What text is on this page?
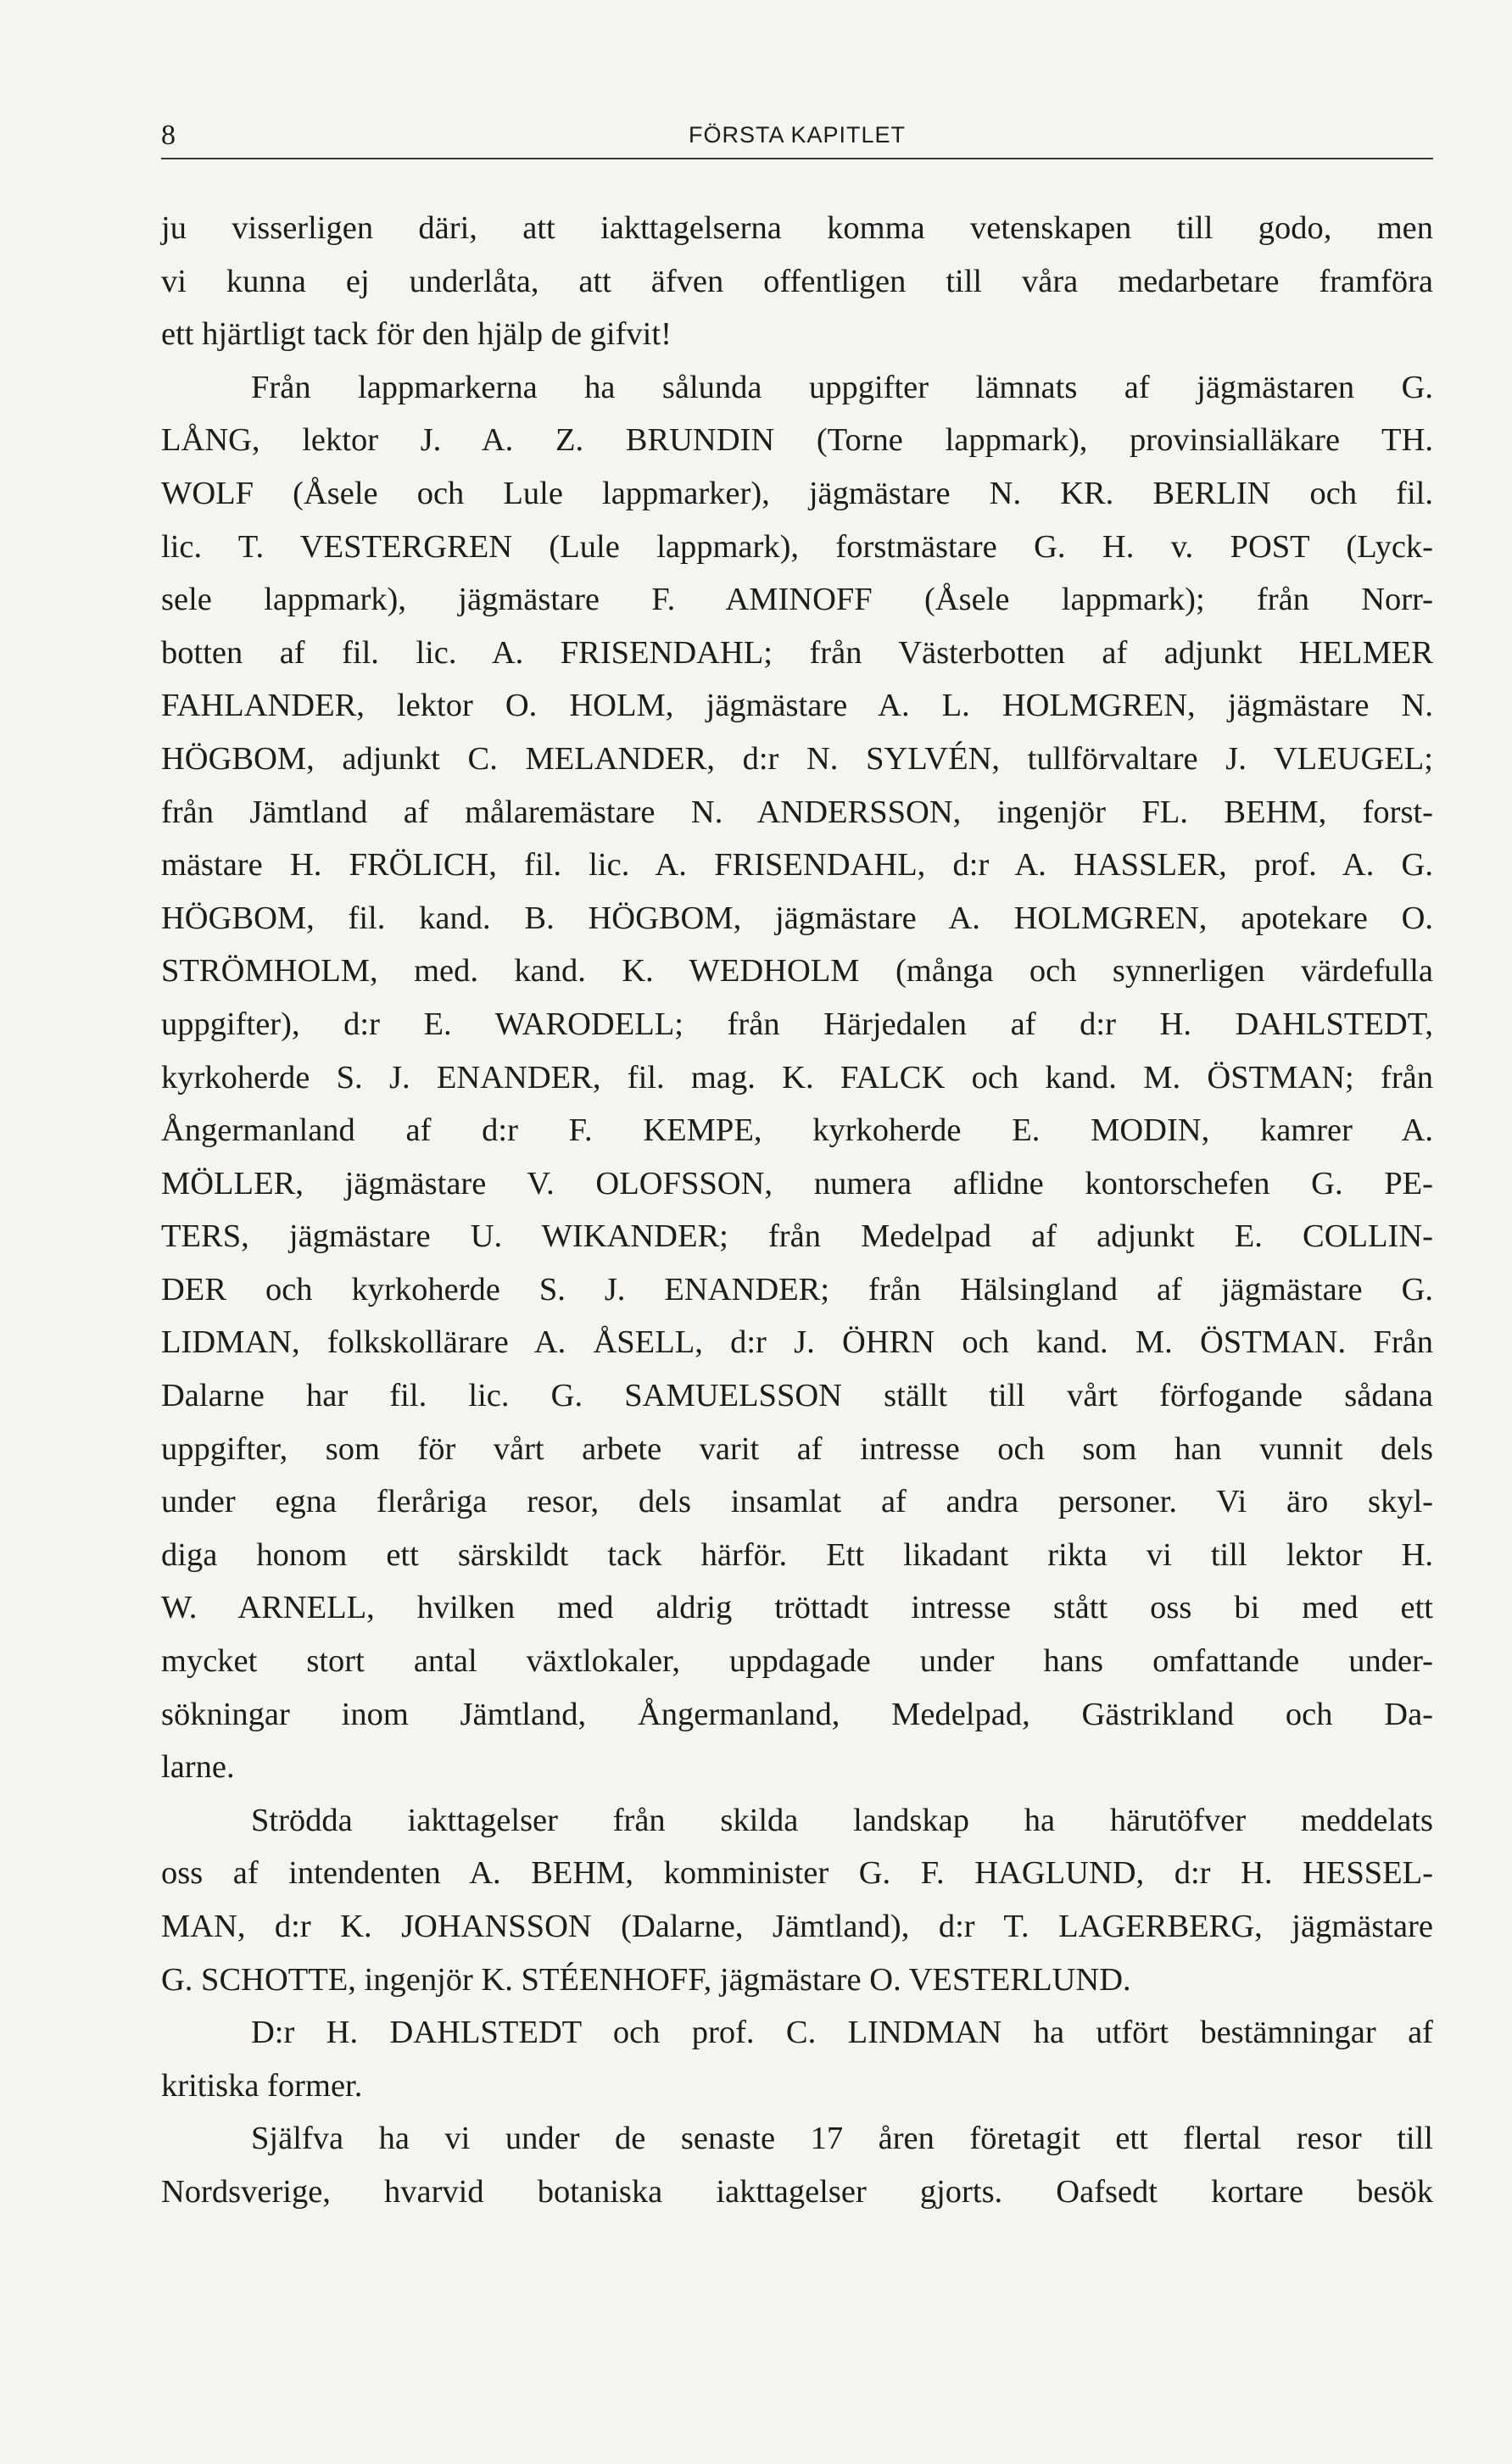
8	FÖRSTA KAPITLET
ju visserligen däri, att iakttagelserna komma vetenskapen till godo, men
vi kunna ej underlåta, att äfven offentligen till våra medarbetare framföra
ett hjärtligt tack för den hjälp de gifvit!
Från lappmarkerna ha sålunda uppgifter lämnats af jägmästaren G.
LÅNG, lektor J. A. Z. BRUNDIN (Torne lappmark), provinsialläkare TH.
WOLF (Åsele och Lule lappmarker), jägmästare N. KR. BERLIN och fil.
lic. T. VESTERGREN (Lule lappmark), forstmästare G. H. v. POST (Lyck-
sele lappmark), jägmästare F. AMINOFF (Åsele lappmark); från Norr-
botten af fil. lic. A. FRISENDAHL; från Västerbotten af adjunkt HELMER
FAHLANDER, lektor O. HOLM, jägmästare A. L. HOLMGREN, jägmästare N.
HÖGBOM, adjunkt C. MELANDER, d:r N. SYLVÉN, tullförvaltare J. VLEUGEL;
från Jämtland af målaremästare N. ANDERSSON, ingenjör FL. BEHM, forst-
mästare H. FRÖLICH, fil. lic. A. FRISENDAHL, d:r A. HASSLER, prof. A. G.
HÖGBOM, fil. kand. B. HÖGBOM, jägmästare A. HOLMGREN, apotekare O.
STRÖMHOLM, med. kand. K. WEDHOLM (många och synnerligen värdefulla
uppgifter), d:r E. WARODELL; från Härjedalen af d:r H. DAHLSTEDT,
kyrkoherde S. J. ENANDER, fil. mag. K. FALCK och kand. M. ÖSTMAN; från
Ångermanland af d:r F. KEMPE, kyrkoherde E. MODIN, kamrer A.
MÖLLER, jägmästare V. OLOFSSON, numera aflidne kontorschefen G. PE-
TERS, jägmästare U. WIKANDER; från Medelpad af adjunkt E. COLLIN-
DER och kyrkoherde S. J. ENANDER; från Hälsingland af jägmästare G.
LIDMAN, folkskollärare A. ÅSELL, d:r J. ÖHRN och kand. M. ÖSTMAN. Från
Dalarne har fil. lic. G. SAMUELSSON ställt till vårt förfogande sådana
uppgifter, som för vårt arbete varit af intresse och som han vunnit dels
under egna fleråriga resor, dels insamlat af andra personer. Vi äro skyl-
diga honom ett särskildt tack härför. Ett likadant rikta vi till lektor H.
W. ARNELL, hvilken med aldrig tröttadt intresse stått oss bi med ett
mycket stort antal växtlokaler, uppdagade under hans omfattande under-
sökningar inom Jämtland, Ångermanland, Medelpad, Gästrikland och Da-
larne.
Strödda iakttagelser från skilda landskap ha härutöfver meddelats
oss af intendenten A. BEHM, komminister G. F. HAGLUND, d:r H. HESSEL-
MAN, d:r K. JOHANSSON (Dalarne, Jämtland), d:r T. LAGERBERG, jägmästare
G. SCHOTTE, ingenjör K. STÉENHOFF, jägmästare O. VESTERLUND.
D:r H. DAHLSTEDT och prof. C. LINDMAN ha utfört bestämningar af
kritiska former.
Själfva ha vi under de senaste 17 åren företagit ett flertal resor till
Nordsverige, hvarvid botaniska iakttagelser gjorts. Oafsedt kortare besök
